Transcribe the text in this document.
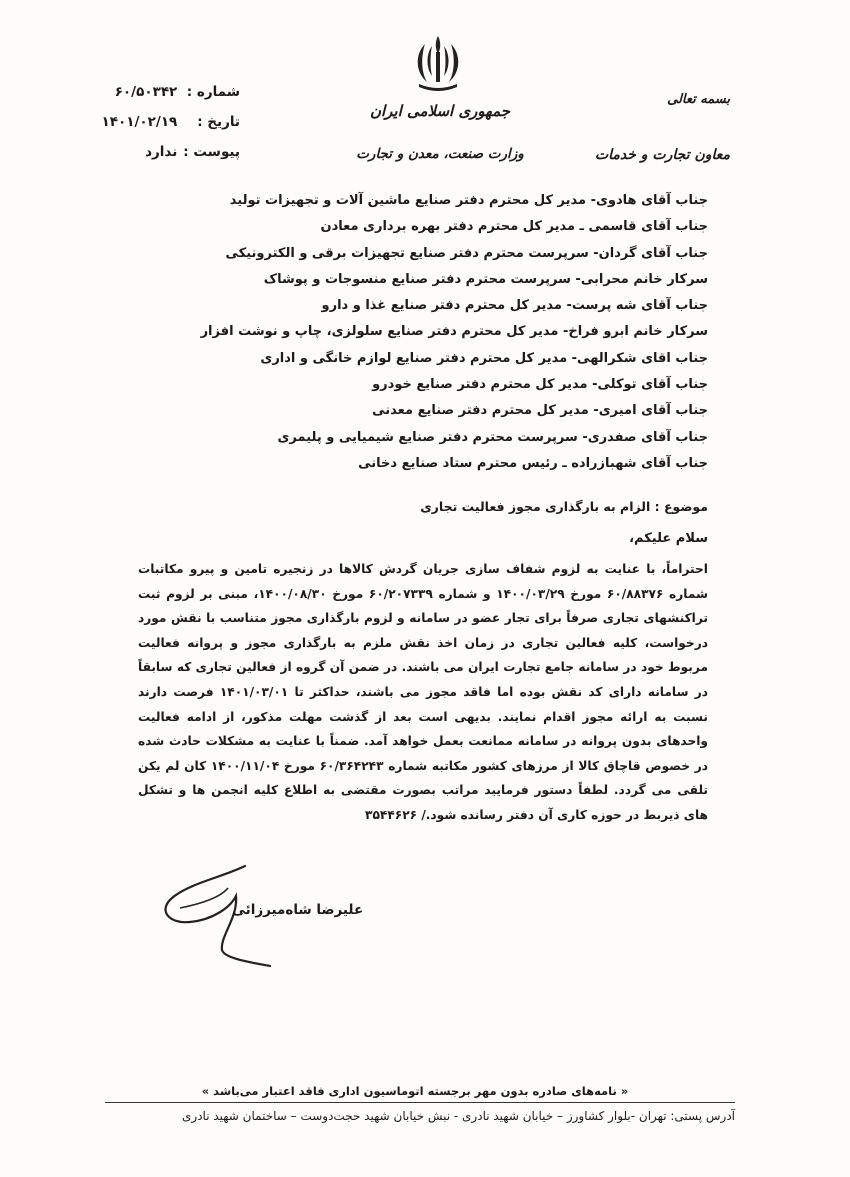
جمهوری اسلامی ایران
وزارت صنعت، معدن و تجارت
بسمه تعالی
معاون تجارت و خدمات
شماره : ۶۰/۵۰۳۴۲
تاریخ : ۱۴۰۱/۰۲/۱۹
پیوست : ندارد
جناب آقای هادوی- مدیر کل محترم دفتر صنایع ماشین آلات و تجهیزات تولید
جناب آقای قاسمی ـ مدیر کل محترم دفتر بهره برداری معادن
جناب آقای گردان- سرپرست محترم دفتر صنایع تجهیزات برقی و الکترونیکی
سرکار خانم محرابی- سرپرست محترم دفتر صنایع منسوجات و پوشاک
جناب آقای شه پرست- مدیر کل محترم دفتر صنایع غذا و دارو
سرکار خانم ابرو فراخ- مدیر کل محترم دفتر صنایع سلولزی، چاپ و نوشت افزار
جناب اقای شکرالهی- مدیر کل محترم دفتر صنایع لوازم خانگی و اداری
جناب آقای توکلی- مدیر کل محترم دفتر صنایع خودرو
جناب آقای امیری- مدیر کل محترم دفتر صنایع معدنی
جناب آقای صفدری- سرپرست محترم دفتر صنایع شیمیایی و پلیمری
جناب آقای شهبازراده ـ رئیس محترم ستاد صنایع دخانی
موضوع : الزام به بارگذاری مجوز فعالیت تجاری
سلام علیکم،
احتراماً، با عنایت به لزوم شفاف سازی جریان گردش کالاها در زنجیره تامین و پیرو مکاتبات شماره ۶۰/۸۸۳۷۶ مورخ ۱۴۰۰/۰۳/۲۹ و شماره ۶۰/۲۰۷۳۳۹ مورخ ۱۴۰۰/۰۸/۳۰، مبنی بر لزوم ثبت تراکنشهای تجاری صرفاً برای تجار عضو در سامانه و لزوم بارگذاری مجوز متناسب با نقش مورد درخواست، کلیه فعالین تجاری در زمان اخذ نقش ملزم به بارگذاری مجوز و پروانه فعالیت مربوط خود در سامانه جامع تجارت ایران می باشند. در ضمن آن گروه از فعالین تجاری که سابقاً در سامانه دارای کد نقش بوده اما فاقد مجوز می باشند، حداکثر تا ۱۴۰۱/۰۳/۰۱ فرصت دارند نسبت به ارائه مجوز اقدام نمایند. بدیهی است بعد از گذشت مهلت مذکور، از ادامه فعالیت واحدهای بدون پروانه در سامانه ممانعت بعمل خواهد آمد. ضمناً با عنایت به مشکلات حادث شده در خصوص قاچاق کالا از مرزهای کشور مکاتبه شماره ۶۰/۳۶۴۲۴۳ مورخ ۱۴۰۰/۱۱/۰۴ کان لم یکن تلقی می گردد. لطفاً دستور فرمایید مراتب بصورت مقتضی به اطلاع کلیه انجمن ها و تشکل های ذیربط در حوزه کاری آن دفتر رسانده شود./ ۳۵۴۴۶۲۶
علیرضا شاه‌میرزائی
« نامه‌های صادره بدون مهر برجسته اتوماسیون اداری فاقد اعتبار می‌باشد »
آدرس پستی: تهران -بلوار کشاورز – خیابان شهید نادری - نبش خیابان شهید حجت‌دوست – ساختمان شهید نادری
